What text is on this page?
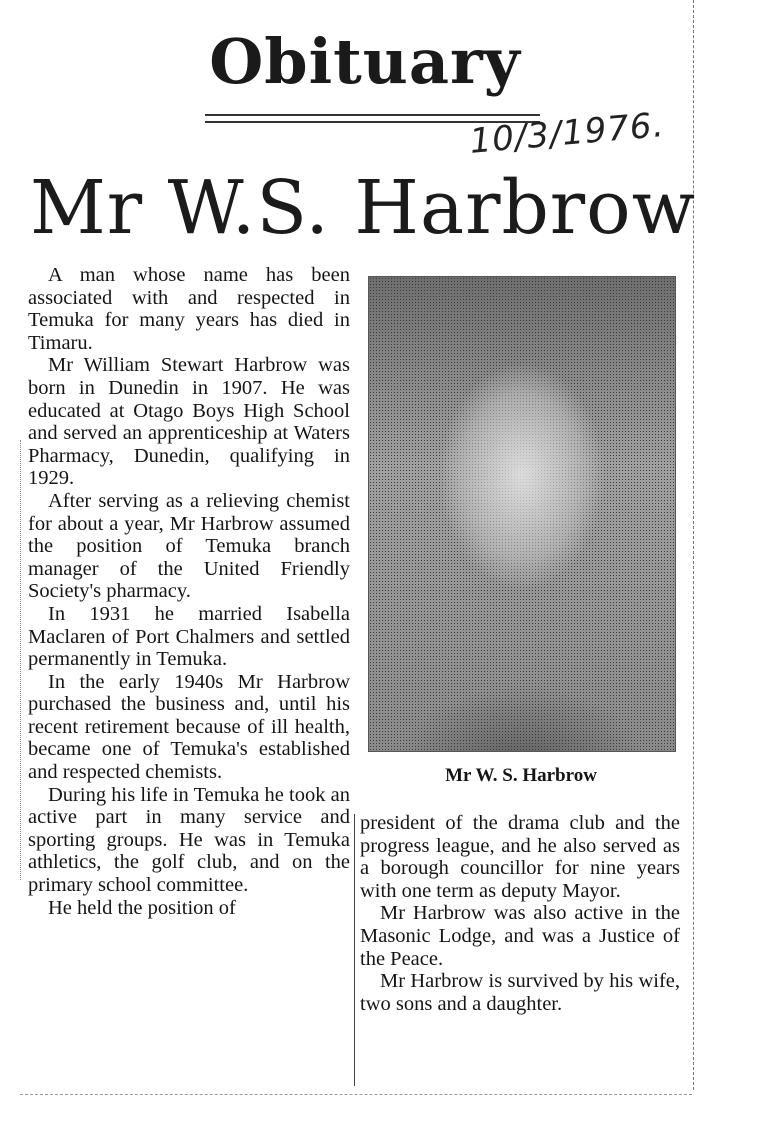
Obituary
10/3/1976.
Mr W.S. Harbrow

A man whose name has been associated with and respected in Temuka for many years has died in Timaru.

Mr William Stewart Harbrow was born in Dunedin in 1907. He was educated at Otago Boys High School and served an apprenticeship at Waters Pharmacy, Dunedin, qualifying in 1929.

After serving as a relieving chemist for about a year, Mr Harbrow assumed the position of Temuka branch manager of the United Friendly Society's pharmacy.

In 1931 he married Isabella Maclaren of Port Chalmers and settled permanently in Temuka.

In the early 1940s Mr Harbrow purchased the business and, until his recent retirement because of ill health, became one of Temuka's established and respected chemists.

During his life in Temuka he took an active part in many service and sporting groups. He was in Temuka athletics, the golf club, and on the primary school committee.

He held the position of

Mr W. S. Harbrow

president of the drama club and the progress league, and he also served as a borough councillor for nine years with one term as deputy Mayor.

Mr Harbrow was also active in the Masonic Lodge, and was a Justice of the Peace.

Mr Harbrow is survived by his wife, two sons and a daughter.
